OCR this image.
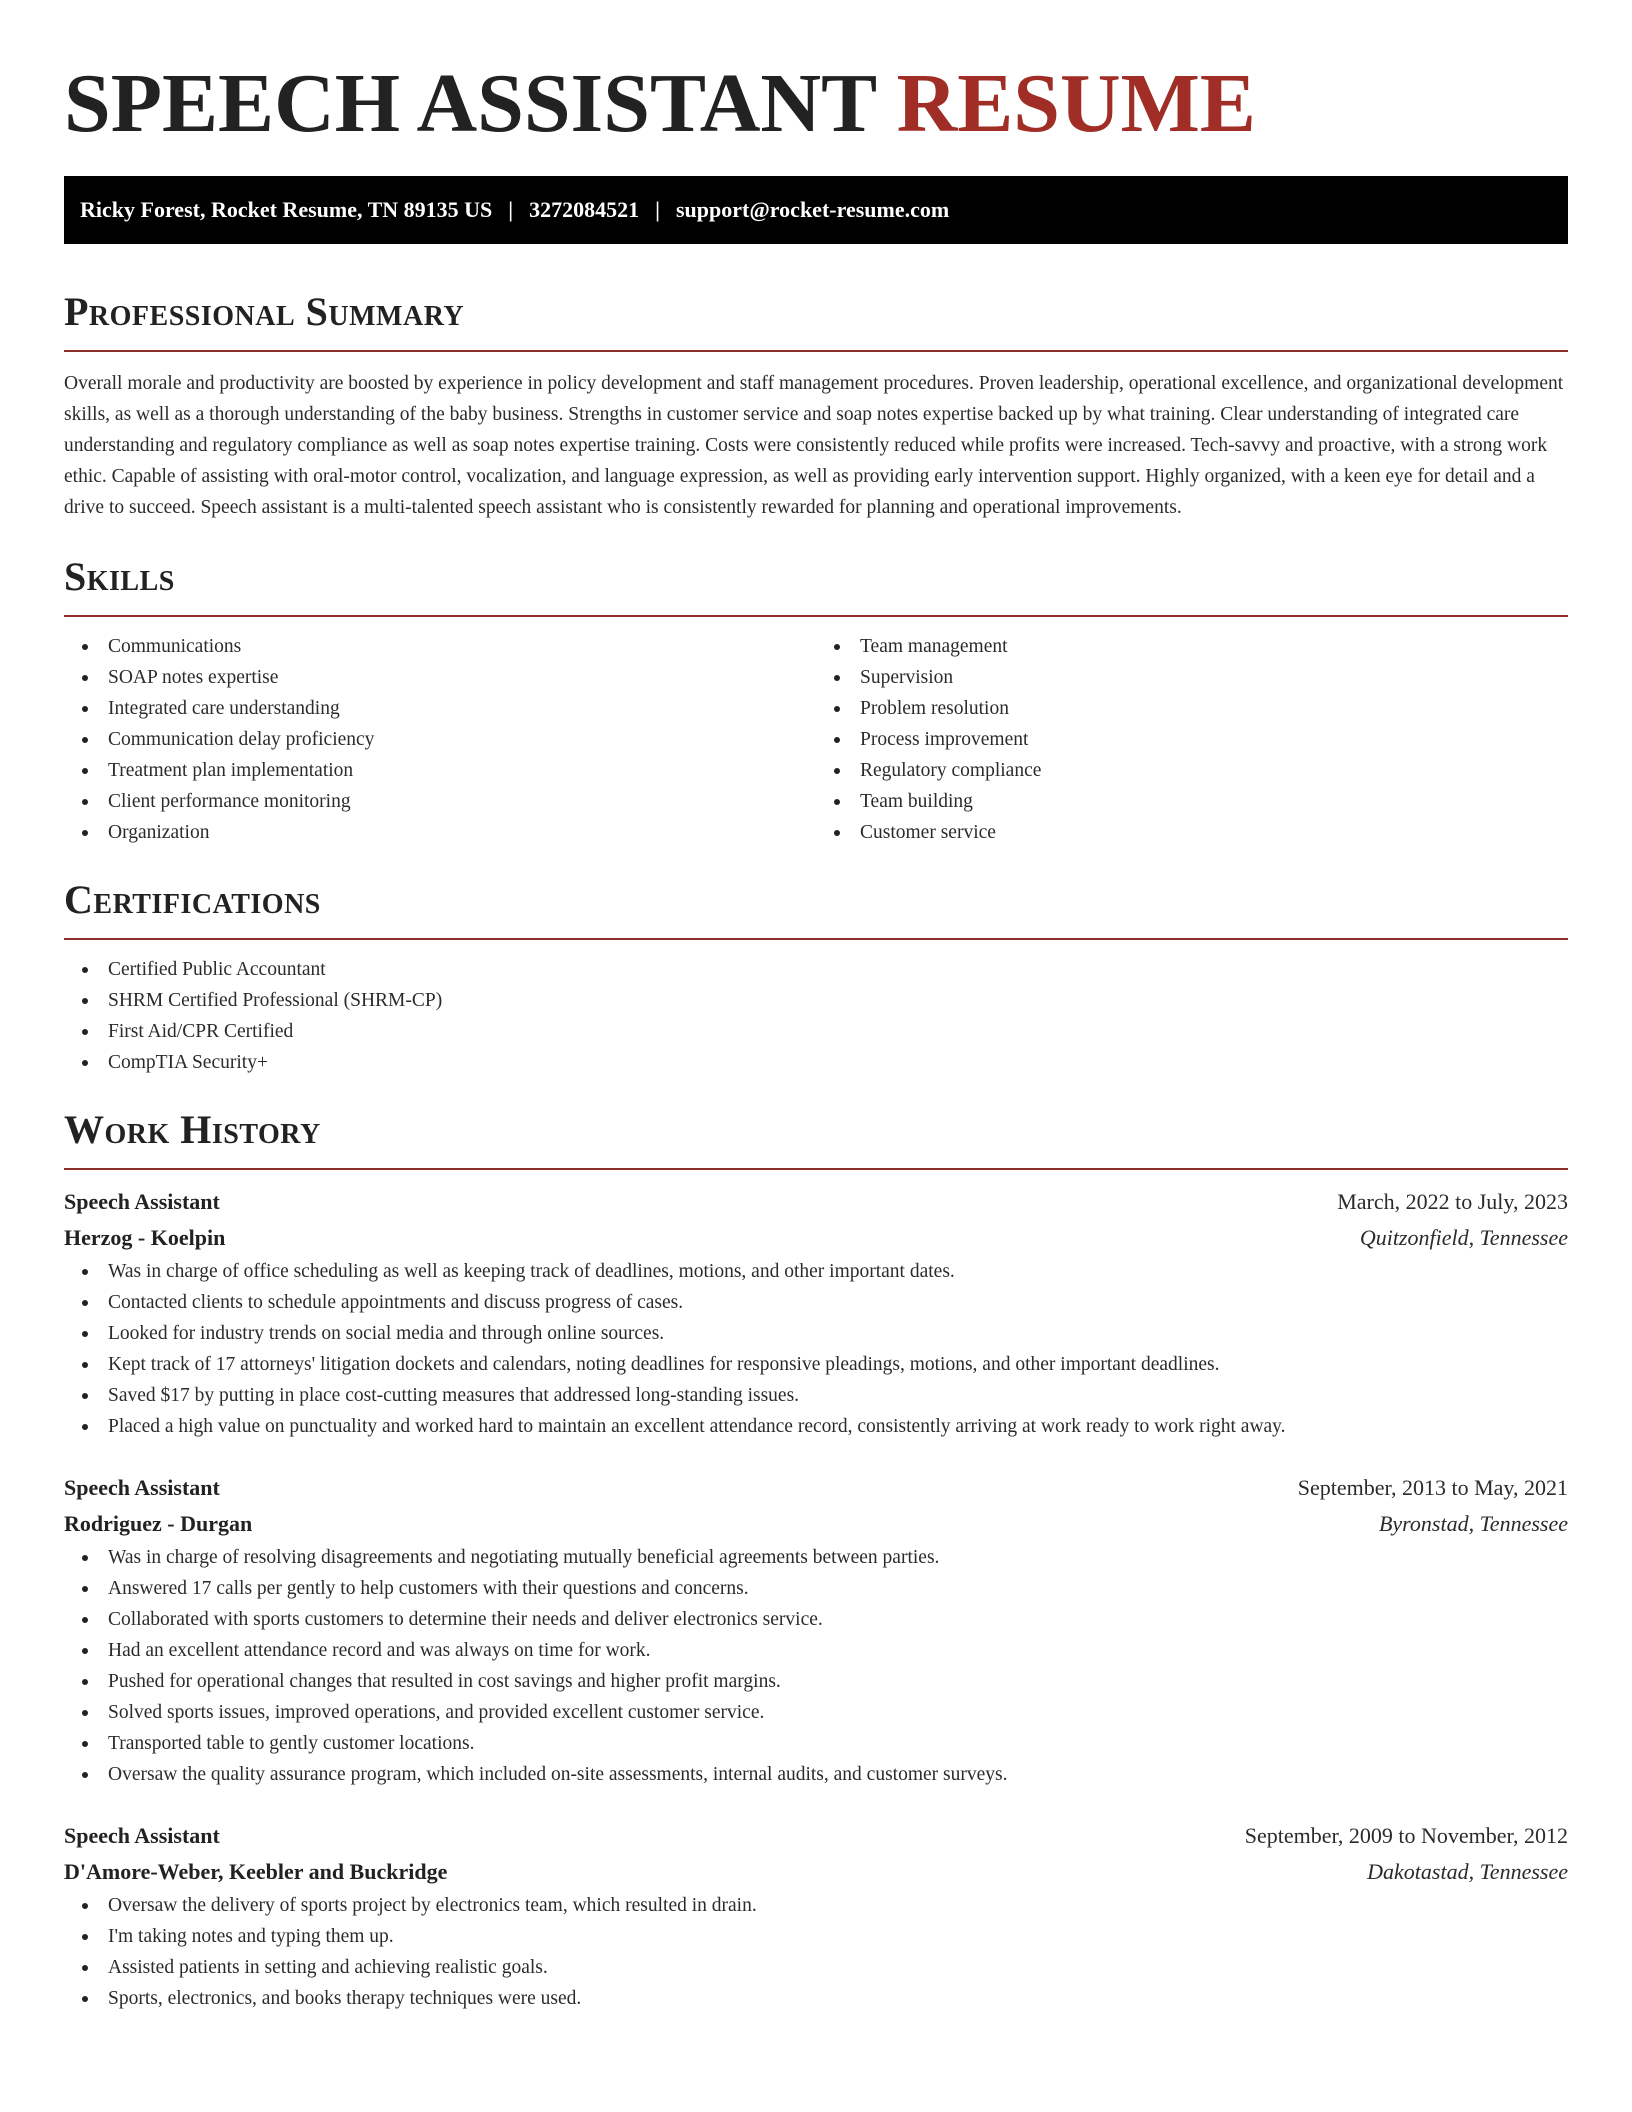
SPEECH ASSISTANT RESUME
Ricky Forest, Rocket Resume, TN 89135 US | 3272084521 | support@rocket-resume.com
Professional Summary

Overall morale and productivity are boosted by experience in policy development and staff management procedures. Proven leadership, operational excellence, and organizational development skills, as well as a thorough understanding of the baby business. Strengths in customer service and soap notes expertise backed up by what training. Clear understanding of integrated care understanding and regulatory compliance as well as soap notes expertise training. Costs were consistently reduced while profits were increased. Tech-savvy and proactive, with a strong work ethic. Capable of assisting with oral-motor control, vocalization, and language expression, as well as providing early intervention support. Highly organized, with a keen eye for detail and a drive to succeed. Speech assistant is a multi-talented speech assistant who is consistently rewarded for planning and operational improvements.

Skills
Communications
SOAP notes expertise
Integrated care understanding
Communication delay proficiency
Treatment plan implementation
Client performance monitoring
Organization
Team management
Supervision
Problem resolution
Process improvement
Regulatory compliance
Team building
Customer service
Certifications
Certified Public Accountant
SHRM Certified Professional (SHRM-CP)
First Aid/CPR Certified
CompTIA Security+
Work History
Speech Assistant	March, 2022 to July, 2023
Herzog - Koelpin	Quitzonfield, Tennessee
Was in charge of office scheduling as well as keeping track of deadlines, motions, and other important dates.
Contacted clients to schedule appointments and discuss progress of cases.
Looked for industry trends on social media and through online sources.
Kept track of 17 attorneys' litigation dockets and calendars, noting deadlines for responsive pleadings, motions, and other important deadlines.
Saved $17 by putting in place cost-cutting measures that addressed long-standing issues.
Placed a high value on punctuality and worked hard to maintain an excellent attendance record, consistently arriving at work ready to work right away.
Speech Assistant	September, 2013 to May, 2021
Rodriguez - Durgan	Byronstad, Tennessee
Was in charge of resolving disagreements and negotiating mutually beneficial agreements between parties.
Answered 17 calls per gently to help customers with their questions and concerns.
Collaborated with sports customers to determine their needs and deliver electronics service.
Had an excellent attendance record and was always on time for work.
Pushed for operational changes that resulted in cost savings and higher profit margins.
Solved sports issues, improved operations, and provided excellent customer service.
Transported table to gently customer locations.
Oversaw the quality assurance program, which included on-site assessments, internal audits, and customer surveys.
Speech Assistant	September, 2009 to November, 2012
D'Amore-Weber, Keebler and Buckridge	Dakotastad, Tennessee
Oversaw the delivery of sports project by electronics team, which resulted in drain.
I'm taking notes and typing them up.
Assisted patients in setting and achieving realistic goals.
Sports, electronics, and books therapy techniques were used.
